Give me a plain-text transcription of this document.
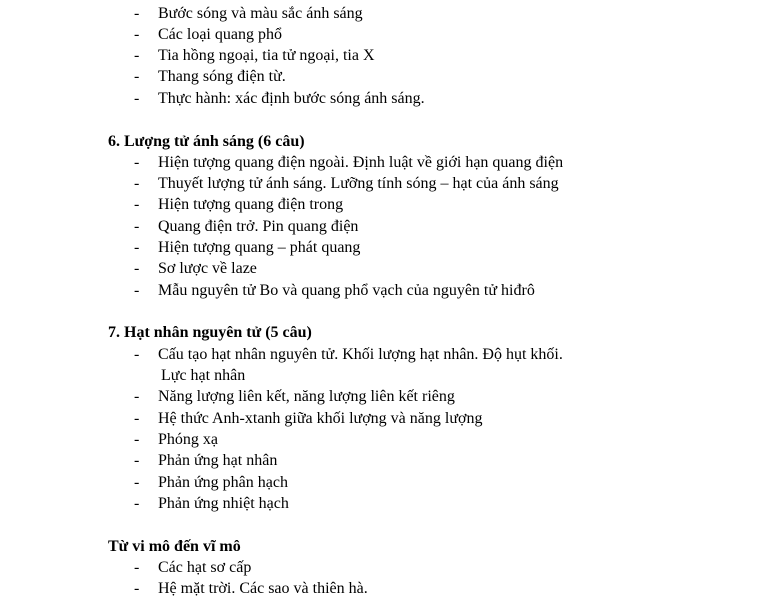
- Bước sóng và màu sắc ánh sáng
- Các loại quang phổ
- Tia hồng ngoại, tia tử ngoại, tia X
- Thang sóng điện từ.
- Thực hành: xác định bước sóng ánh sáng.
6. Lượng tử ánh sáng (6 câu)
- Hiện tượng quang điện ngoài. Định luật về giới hạn quang điện
- Thuyết lượng tử ánh sáng. Lưỡng tính sóng – hạt của ánh sáng
- Hiện tượng quang điện trong
- Quang điện trở. Pin quang điện
- Hiện tượng quang – phát quang
- Sơ lược về laze
- Mẫu nguyên tử Bo và quang phổ vạch của nguyên tử hiđrô
7. Hạt nhân nguyên tử (5 câu)
- Cấu tạo hạt nhân nguyên tử. Khối lượng hạt nhân. Độ hụt khối.
Lực hạt nhân
- Năng lượng liên kết, năng lượng liên kết riêng
- Hệ thức Anh-xtanh giữa khối lượng và năng lượng
- Phóng xạ
- Phản ứng hạt nhân
- Phản ứng phân hạch
- Phản ứng nhiệt hạch
Từ vi mô đến vĩ mô
- Các hạt sơ cấp
- Hệ mặt trời. Các sao và thiên hà.
